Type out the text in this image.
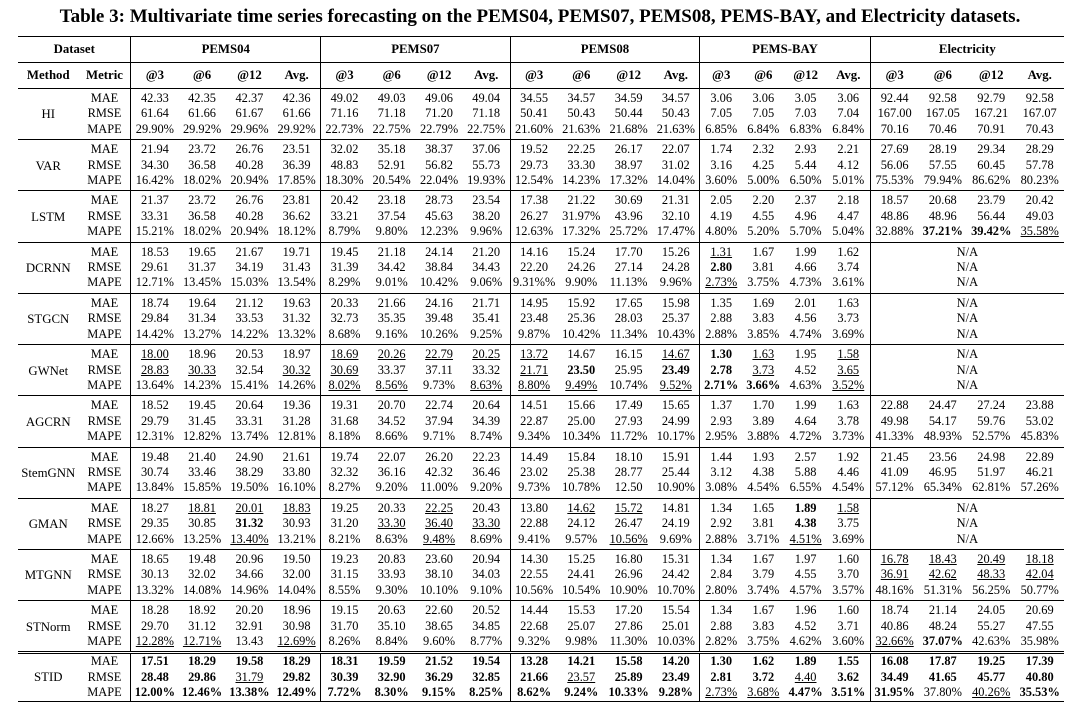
Table 3: Multivariate time series forecasting on the PEMS04, PEMS07, PEMS08, PEMS-BAY, and Electricity datasets.
Dataset		PEMS04				PEMS07				PEMS08				PEMS-BAY				Electricity			
Method	Metric	@3	@6	@12	Avg.	@3	@6	@12	Avg.	@3	@6	@12	Avg.	@3	@6	@12	Avg.	@3	@6	@12	Avg.
HI	MAE	42.33	42.35	42.37	42.36	49.02	49.03	49.06	49.04	34.55	34.57	34.59	34.57	3.06	3.06	3.05	3.06	92.44	92.58	92.79	92.58
	RMSE	61.64	61.66	61.67	61.66	71.16	71.18	71.20	71.18	50.41	50.43	50.44	50.43	7.05	7.05	7.03	7.04	167.00	167.05	167.21	167.07
	MAPE	29.90%	29.92%	29.96%	29.92%	22.73%	22.75%	22.79%	22.75%	21.60%	21.63%	21.68%	21.63%	6.85%	6.84%	6.83%	6.84%	70.16	70.46	70.91	70.43
VAR	MAE	21.94	23.72	26.76	23.51	32.02	35.18	38.37	37.06	19.52	22.25	26.17	22.07	1.74	2.32	2.93	2.21	27.69	28.19	29.34	28.29
	RMSE	34.30	36.58	40.28	36.39	48.83	52.91	56.82	55.73	29.73	33.30	38.97	31.02	3.16	4.25	5.44	4.12	56.06	57.55	60.45	57.78
	MAPE	16.42%	18.02%	20.94%	17.85%	18.30%	20.54%	22.04%	19.93%	12.54%	14.23%	17.32%	14.04%	3.60%	5.00%	6.50%	5.01%	75.53%	79.94%	86.62%	80.23%
LSTM	MAE	21.37	23.72	26.76	23.81	20.42	23.18	28.73	23.54	17.38	21.22	30.69	21.31	2.05	2.20	2.37	2.18	18.57	20.68	23.79	20.42
	RMSE	33.31	36.58	40.28	36.62	33.21	37.54	45.63	38.20	26.27	31.97%	43.96	32.10	4.19	4.55	4.96	4.47	48.86	48.96	56.44	49.03
	MAPE	15.21%	18.02%	20.94%	18.12%	8.79%	9.80%	12.23%	9.96%	12.63%	17.32%	25.72%	17.47%	4.80%	5.20%	5.70%	5.04%	32.88%	37.21%	39.42%	35.58%
DCRNN	MAE	18.53	19.65	21.67	19.71	19.45	21.18	24.14	21.20	14.16	15.24	17.70	15.26	1.31	1.67	1.99	1.62	N/A			
	RMSE	29.61	31.37	34.19	31.43	31.39	34.42	38.84	34.43	22.20	24.26	27.14	24.28	2.80	3.81	4.66	3.74	N/A			
	MAPE	12.71%	13.45%	15.03%	13.54%	8.29%	9.01%	10.42%	9.06%	9.31%%	9.90%	11.13%	9.96%	2.73%	3.75%	4.73%	3.61%	N/A			
STGCN	MAE	18.74	19.64	21.12	19.63	20.33	21.66	24.16	21.71	14.95	15.92	17.65	15.98	1.35	1.69	2.01	1.63	N/A			
	RMSE	29.84	31.34	33.53	31.32	32.73	35.35	39.48	35.41	23.48	25.36	28.03	25.37	2.88	3.83	4.56	3.73	N/A			
	MAPE	14.42%	13.27%	14.22%	13.32%	8.68%	9.16%	10.26%	9.25%	9.87%	10.42%	11.34%	10.43%	2.88%	3.85%	4.74%	3.69%	N/A			
GWNet	MAE	18.00	18.96	20.53	18.97	18.69	20.26	22.79	20.25	13.72	14.67	16.15	14.67	1.30	1.63	1.95	1.58	N/A			
	RMSE	28.83	30.33	32.54	30.32	30.69	33.37	37.11	33.32	21.71	23.50	25.95	23.49	2.78	3.73	4.52	3.65	N/A			
	MAPE	13.64%	14.23%	15.41%	14.26%	8.02%	8.56%	9.73%	8.63%	8.80%	9.49%	10.74%	9.52%	2.71%	3.66%	4.63%	3.52%	N/A			
AGCRN	MAE	18.52	19.45	20.64	19.36	19.31	20.70	22.74	20.64	14.51	15.66	17.49	15.65	1.37	1.70	1.99	1.63	22.88	24.47	27.24	23.88
	RMSE	29.79	31.45	33.31	31.28	31.68	34.52	37.94	34.39	22.87	25.00	27.93	24.99	2.93	3.89	4.64	3.78	49.98	54.17	59.76	53.02
	MAPE	12.31%	12.82%	13.74%	12.81%	8.18%	8.66%	9.71%	8.74%	9.34%	10.34%	11.72%	10.17%	2.95%	3.88%	4.72%	3.73%	41.33%	48.93%	52.57%	45.83%
StemGNN	MAE	19.48	21.40	24.90	21.61	19.74	22.07	26.20	22.23	14.49	15.84	18.10	15.91	1.44	1.93	2.57	1.92	21.45	23.56	24.98	22.89
	RMSE	30.74	33.46	38.29	33.80	32.32	36.16	42.32	36.46	23.02	25.38	28.77	25.44	3.12	4.38	5.88	4.46	41.09	46.95	51.97	46.21
	MAPE	13.84%	15.85%	19.50%	16.10%	8.27%	9.20%	11.00%	9.20%	9.73%	10.78%	12.50	10.90%	3.08%	4.54%	6.55%	4.54%	57.12%	65.34%	62.81%	57.26%
GMAN	MAE	18.27	18.81	20.01	18.83	19.25	20.33	22.25	20.43	13.80	14.62	15.72	14.81	1.34	1.65	1.89	1.58	N/A			
	RMSE	29.35	30.85	31.32	30.93	31.20	33.30	36.40	33.30	22.88	24.12	26.47	24.19	2.92	3.81	4.38	3.75	N/A			
	MAPE	12.66%	13.25%	13.40%	13.21%	8.21%	8.63%	9.48%	8.69%	9.41%	9.57%	10.56%	9.69%	2.88%	3.71%	4.51%	3.69%	N/A			
MTGNN	MAE	18.65	19.48	20.96	19.50	19.23	20.83	23.60	20.94	14.30	15.25	16.80	15.31	1.34	1.67	1.97	1.60	16.78	18.43	20.49	18.18
	RMSE	30.13	32.02	34.66	32.00	31.15	33.93	38.10	34.03	22.55	24.41	26.96	24.42	2.84	3.79	4.55	3.70	36.91	42.62	48.33	42.04
	MAPE	13.32%	14.08%	14.96%	14.04%	8.55%	9.30%	10.10%	9.10%	10.56%	10.54%	10.90%	10.70%	2.80%	3.74%	4.57%	3.57%	48.16%	51.31%	56.25%	50.77%
STNorm	MAE	18.28	18.92	20.20	18.96	19.15	20.63	22.60	20.52	14.44	15.53	17.20	15.54	1.34	1.67	1.96	1.60	18.74	21.14	24.05	20.69
	RMSE	29.70	31.12	32.91	30.98	31.70	35.10	38.65	34.85	22.68	25.07	27.86	25.01	2.88	3.83	4.52	3.71	40.86	48.24	55.27	47.55
	MAPE	12.28%	12.71%	13.43	12.69%	8.26%	8.84%	9.60%	8.77%	9.32%	9.98%	11.30%	10.03%	2.82%	3.75%	4.62%	3.60%	32.66%	37.07%	42.63%	35.98%
STID	MAE	17.51	18.29	19.58	18.29	18.31	19.59	21.52	19.54	13.28	14.21	15.58	14.20	1.30	1.62	1.89	1.55	16.08	17.87	19.25	17.39
	RMSE	28.48	29.86	31.79	29.82	30.39	32.90	36.29	32.85	21.66	23.57	25.89	23.49	2.81	3.72	4.40	3.62	34.49	41.65	45.77	40.80
	MAPE	12.00%	12.46%	13.38%	12.49%	7.72%	8.30%	9.15%	8.25%	8.62%	9.24%	10.33%	9.28%	2.73%	3.68%	4.47%	3.51%	31.95%	37.80%	40.26%	35.53%
